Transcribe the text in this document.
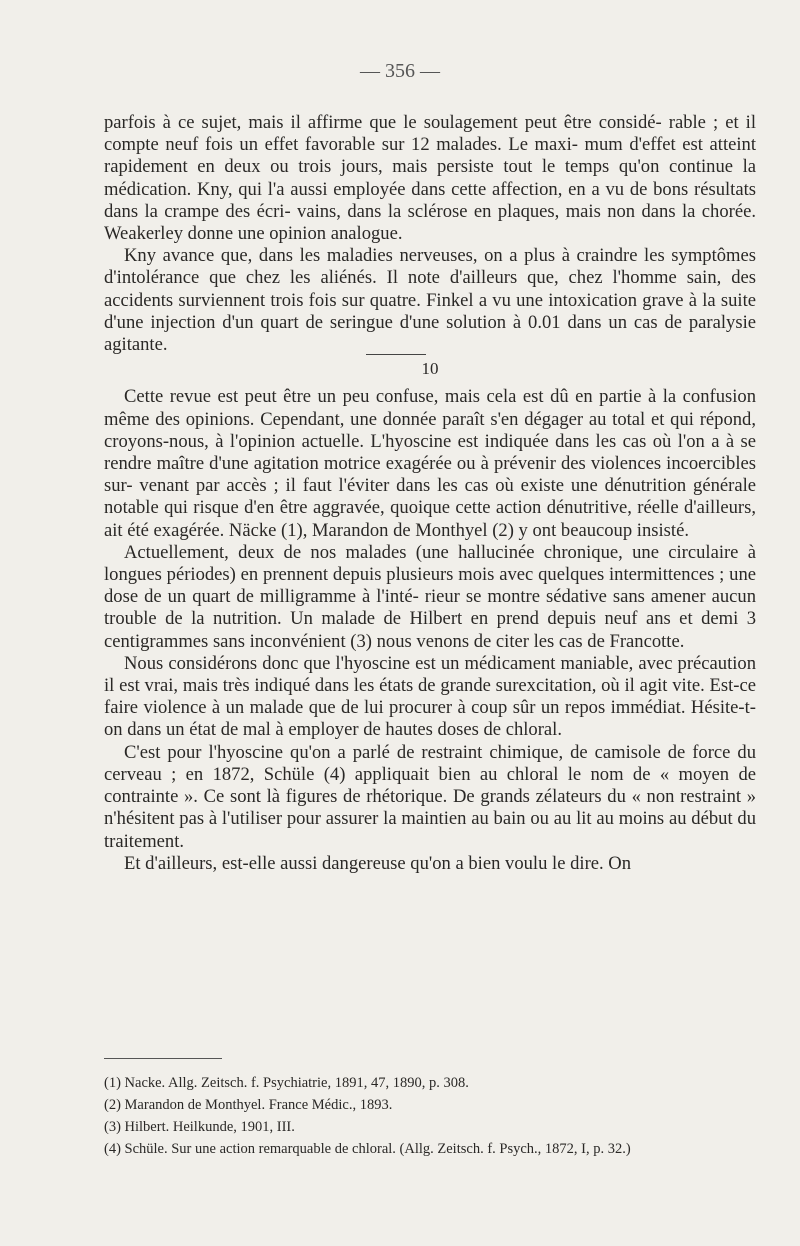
— 356 —

parfois à ce sujet, mais il affirme que le soulagement peut être considé- rable ; et il compte neuf fois un effet favorable sur 12 malades. Le maxi- mum d'effet est atteint rapidement en deux ou trois jours, mais persiste tout le temps qu'on continue la médication. Kny, qui l'a aussi employée dans cette affection, en a vu de bons résultats dans la crampe des écri- vains, dans la sclérose en plaques, mais non dans la chorée. Weakerley donne une opinion analogue.

Kny avance que, dans les maladies nerveuses, on a plus à craindre les symptômes d'intolérance que chez les aliénés. Il note d'ailleurs que, chez l'homme sain, des accidents surviennent trois fois sur quatre. Finkel a vu une intoxication grave à la suite d'une injection d'un quart de seringue d'une solution à 0.01 dans un cas de paralysie agitante.

10

Cette revue est peut être un peu confuse, mais cela est dû en partie à la confusion même des opinions. Cependant, une donnée paraît s'en dégager au total et qui répond, croyons-nous, à l'opinion actuelle. L'hyoscine est indiquée dans les cas où l'on a à se rendre maître d'une agitation motrice exagérée ou à prévenir des violences incoercibles sur- venant par accès ; il faut l'éviter dans les cas où existe une dénutrition générale notable qui risque d'en être aggravée, quoique cette action dénutritive, réelle d'ailleurs, ait été exagérée. Näcke (1), Marandon de Monthyel (2) y ont beaucoup insisté.

Actuellement, deux de nos malades (une hallucinée chronique, une circulaire à longues périodes) en prennent depuis plusieurs mois avec quelques intermittences ; une dose de un quart de milligramme à l'inté- rieur se montre sédative sans amener aucun trouble de la nutrition. Un malade de Hilbert en prend depuis neuf ans et demi 3 centigrammes sans inconvénient (3) nous venons de citer les cas de Francotte.

Nous considérons donc que l'hyoscine est un médicament maniable, avec précaution il est vrai, mais très indiqué dans les états de grande surexcitation, où il agit vite. Est-ce faire violence à un malade que de lui procurer à coup sûr un repos immédiat. Hésite-t-on dans un état de mal à employer de hautes doses de chloral.

C'est pour l'hyoscine qu'on a parlé de restraint chimique, de camisole de force du cerveau ; en 1872, Schüle (4) appliquait bien au chloral le nom de « moyen de contrainte ». Ce sont là figures de rhétorique. De grands zélateurs du « non restraint » n'hésitent pas à l'utiliser pour assurer la maintien au bain ou au lit au moins au début du traitement.

Et d'ailleurs, est-elle aussi dangereuse qu'on a bien voulu le dire. On

(1) Nacke. Allg. Zeitsch. f. Psychiatrie, 1891, 47, 1890, p. 308.

(2) Marandon de Monthyel. France Médic., 1893.

(3) Hilbert. Heilkunde, 1901, III.

(4) Schüle. Sur une action remarquable de chloral. (Allg. Zeitsch. f. Psych., 1872, I, p. 32.)
